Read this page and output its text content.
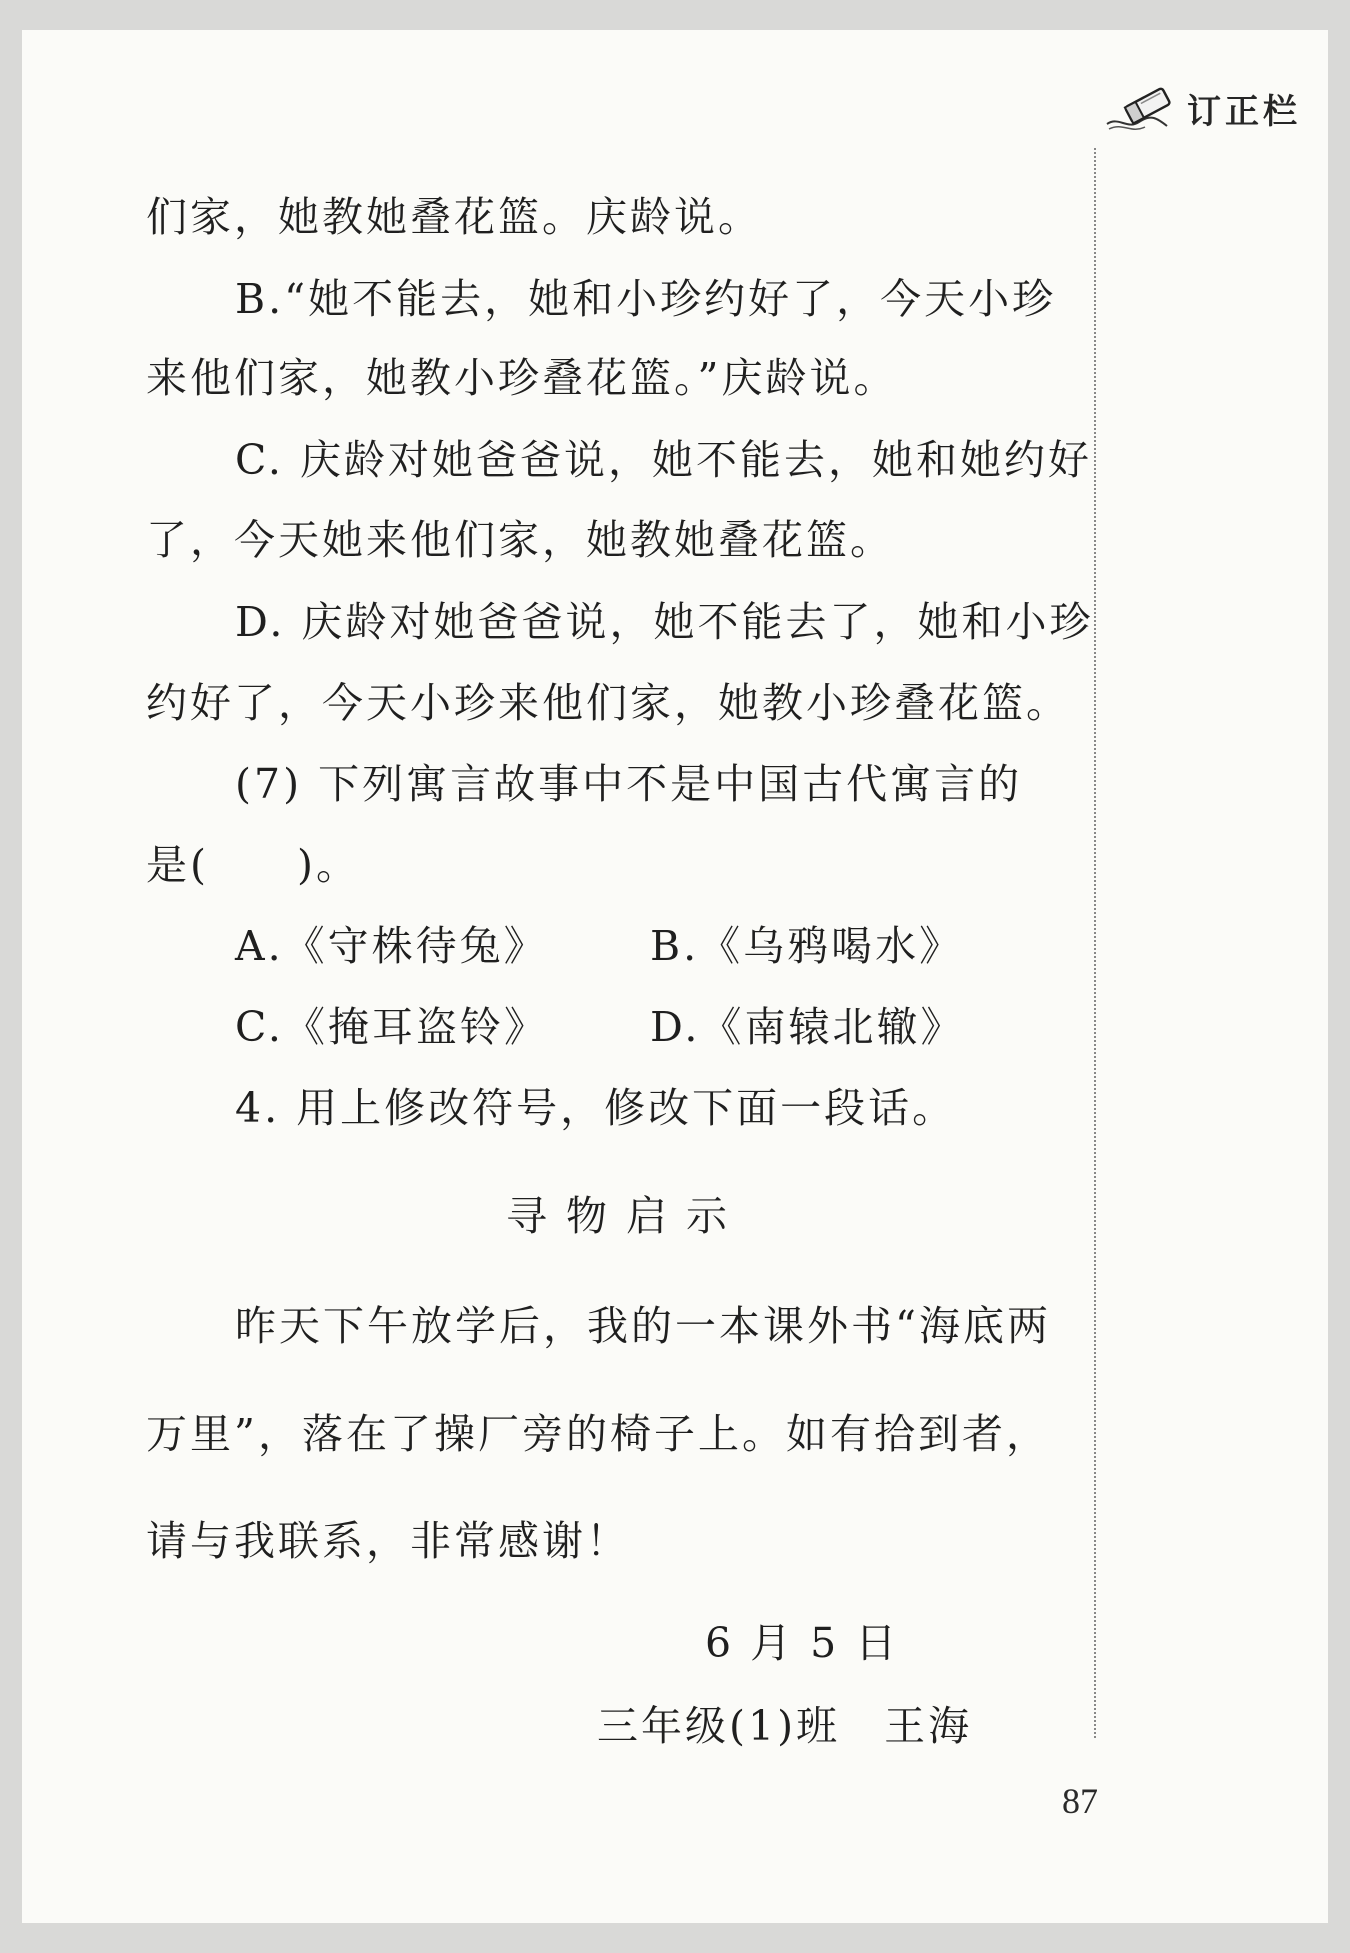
订正栏
们家，她教她叠花篮。庆龄说。
B.“她不能去，她和小珍约好了，今天小珍
来他们家，她教小珍叠花篮。”庆龄说。
C. 庆龄对她爸爸说，她不能去，她和她约好
了，今天她来他们家，她教她叠花篮。
D. 庆龄对她爸爸说，她不能去了，她和小珍
约好了，今天小珍来他们家，她教小珍叠花篮。
(7) 下列寓言故事中不是中国古代寓言的
是(　　)。
A.《守株待兔》 B.《乌鸦喝水》
C.《掩耳盗铃》 D.《南辕北辙》
4. 用上修改符号，修改下面一段话。
寻 物 启 示
昨天下午放学后，我的一本课外书“海底两
万里”，落在了操厂旁的椅子上。如有拾到者，
请与我联系，非常感谢！
6 月 5 日
三年级(1)班　王海
87
